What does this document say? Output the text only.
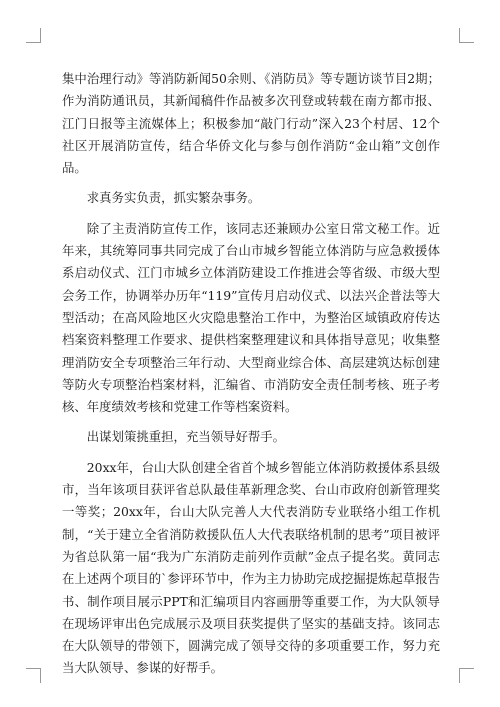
集中治理行动》等消防新闻50余则、《消防员》等专题访谈节目2期；作为消防通讯员，其新闻稿件作品被多次刊登或转载在南方都市报、江门日报等主流媒体上；积极参加“敲门行动”深入23个村居、12个社区开展消防宣传，结合华侨文化与参与创作消防“金山箱”文创作品。

求真务实负责，抓实繁杂事务。

除了主责消防宣传工作，该同志还兼顾办公室日常文秘工作。近年来，其统筹同事共同完成了台山市城乡智能立体消防与应急救援体系启动仪式、江门市城乡立体消防建设工作推进会等省级、市级大型会务工作，协调举办历年“119”宣传月启动仪式、以法兴企普法等大型活动；在高风险地区火灾隐患整治工作中，为整治区域镇政府传达档案资料整理工作要求、提供档案整理建议和具体指导意见；收集整理消防安全专项整治三年行动、大型商业综合体、高层建筑达标创建等防火专项整治档案材料，汇编省、市消防安全责任制考核、班子考核、年度绩效考核和党建工作等档案资料。

出谋划策挑重担，充当领导好帮手。

20xx年，台山大队创建全省首个城乡智能立体消防救援体系县级市，当年该项目获评省总队最佳革新理念奖、台山市政府创新管理奖一等奖；20xx年，台山大队完善人大代表消防专业联络小组工作机制，“关于建立全省消防救援队伍人大代表联络机制的思考”项目被评为省总队第一届“我为广东消防走前列作贡献”金点子提名奖。黄同志在上述两个项目的`参评环节中，作为主力协助完成挖掘提炼起草报告书、制作项目展示PPT和汇编项目内容画册等重要工作，为大队领导在现场评审出色完成展示及项目获奖提供了坚实的基础支持。该同志在大队领导的带领下，圆满完成了领导交待的多项重要工作，努力充当大队领导、参谋的好帮手。
